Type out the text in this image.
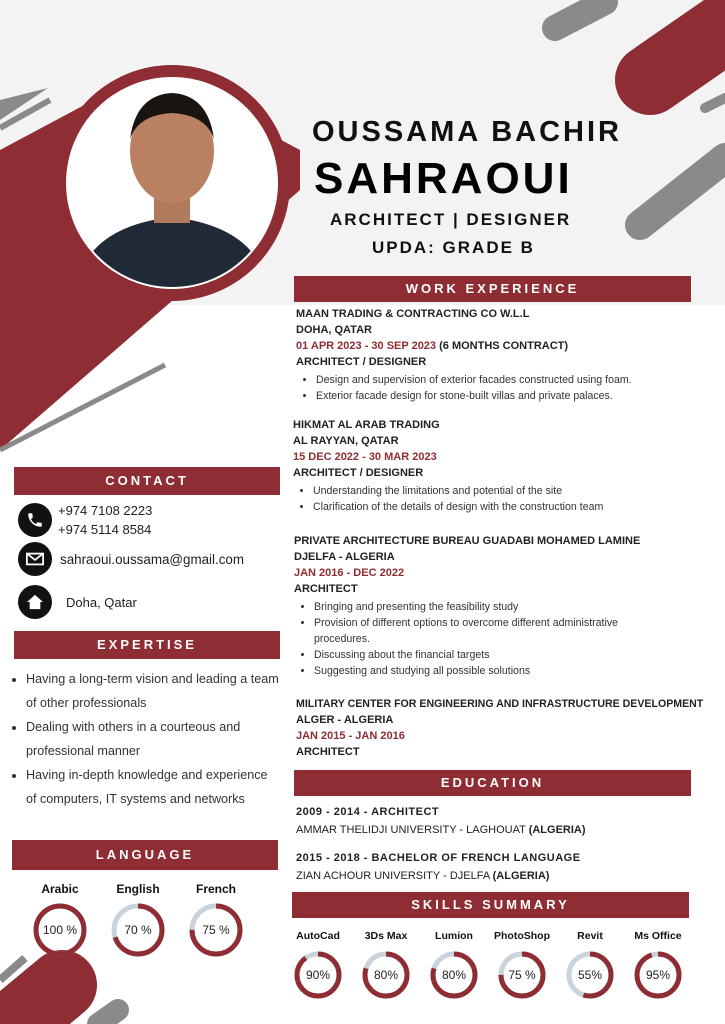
OUSSAMA BACHIR
SAHRAOUI
ARCHITECT | DESIGNER
UPDA: GRADE B
WORK EXPERIENCE
MAAN TRADING & CONTRACTING CO W.L.L
DOHA, QATAR
01 APR 2023 - 30 SEP 2023 (6 MONTHS CONTRACT)
ARCHITECT / DESIGNER
• Design and supervision of exterior facades constructed using foam.
• Exterior facade design for stone-built villas and private palaces.
HIKMAT AL ARAB TRADING
AL RAYYAN, QATAR
15 DEC 2022 - 30 MAR 2023
ARCHITECT / DESIGNER
• Understanding the limitations and potential of the site
• Clarification of the details of design with the construction team
PRIVATE ARCHITECTURE BUREAU GUADABI MOHAMED LAMINE
DJELFA - ALGERIA
JAN 2016 - DEC 2022
ARCHITECT
• Bringing and presenting the feasibility study
• Provision of different options to overcome different administrative procedures.
• Discussing about the financial targets
• Suggesting and studying all possible solutions
MILITARY CENTER FOR ENGINEERING AND INFRASTRUCTURE DEVELOPMENT
ALGER - ALGERIA
JAN 2015 - JAN 2016
ARCHITECT
EDUCATION
2009 - 2014 - ARCHITECT
AMMAR THELIDJI UNIVERSITY - LAGHOUAT (ALGERIA)
2015 - 2018 - BACHELOR OF FRENCH LANGUAGE
ZIAN ACHOUR UNIVERSITY - DJELFA (ALGERIA)
SKILLS SUMMARY
AutoCad
90%
3Ds Max
80%
Lumion
80%
PhotoShop
75 %
Revit
55%
Ms Office
95%
CONTACT
+974 7108 2223
+974 5114 8584
sahraoui.oussama@gmail.com
Doha, Qatar
EXPERTISE
• Having a long-term vision and leading a team of other professionals
• Dealing with others in a courteous and professional manner
• Having in-depth knowledge and experience of computers, IT systems and networks
LANGUAGE
Arabic
100 %
English
70 %
French
75 %
